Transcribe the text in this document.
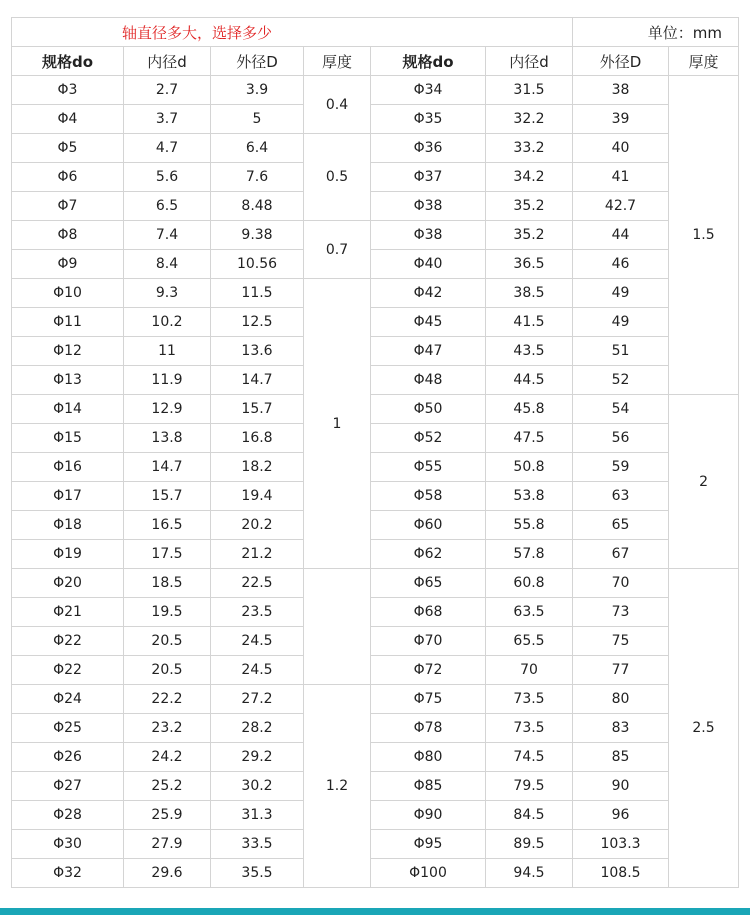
轴直径多大，选择多少						单位：mm	
规格do	内径d	外径D	厚度	规格do	内径d	外径D	厚度
Φ3	2.7	3.9	0.4	Φ34	31.5	38	1.5
Φ4	3.7	5		Φ35	32.2	39	
Φ5	4.7	6.4	0.5	Φ36	33.2	40	
Φ6	5.6	7.6		Φ37	34.2	41	
Φ7	6.5	8.48		Φ38	35.2	42.7	
Φ8	7.4	9.38	0.7	Φ38	35.2	44	
Φ9	8.4	10.56		Φ40	36.5	46	
Φ10	9.3	11.5	1	Φ42	38.5	49	
Φ11	10.2	12.5		Φ45	41.5	49	
Φ12	11	13.6		Φ47	43.5	51	
Φ13	11.9	14.7		Φ48	44.5	52	
Φ14	12.9	15.7		Φ50	45.8	54	2
Φ15	13.8	16.8		Φ52	47.5	56	
Φ16	14.7	18.2		Φ55	50.8	59	
Φ17	15.7	19.4		Φ58	53.8	63	
Φ18	16.5	20.2		Φ60	55.8	65	
Φ19	17.5	21.2		Φ62	57.8	67	
Φ20	18.5	22.5		Φ65	60.8	70	2.5
Φ21	19.5	23.5		Φ68	63.5	73	
Φ22	20.5	24.5		Φ70	65.5	75	
Φ22	20.5	24.5		Φ72	70	77	
Φ24	22.2	27.2	1.2	Φ75	73.5	80	
Φ25	23.2	28.2		Φ78	73.5	83	
Φ26	24.2	29.2		Φ80	74.5	85	
Φ27	25.2	30.2		Φ85	79.5	90	
Φ28	25.9	31.3		Φ90	84.5	96	
Φ30	27.9	33.5		Φ95	89.5	103.3	
Φ32	29.6	35.5		Φ100	94.5	108.5	
